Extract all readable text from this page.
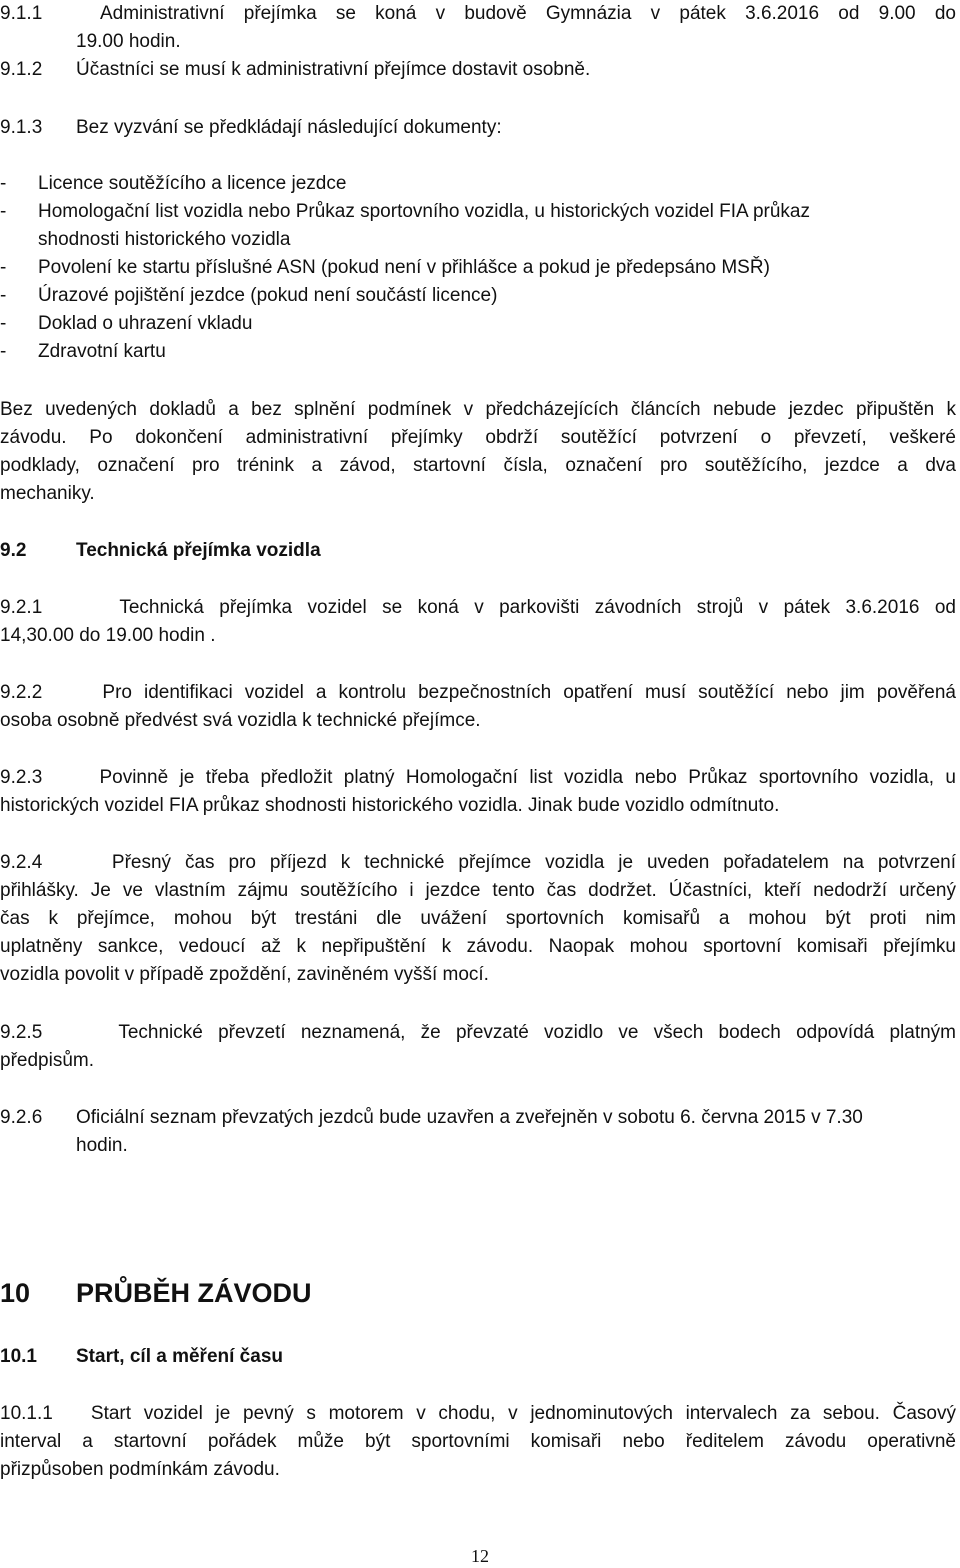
9.1.1	Administrativní přejímka se koná v budově Gymnázia v pátek 3.6.2016 od 9.00 do
19.00 hodin.
9.1.2 Účastníci se musí k administrativní přejímce dostavit osobně.
9.1.3 Bez vyzvání se předkládají následující dokumenty:
- Licence soutěžícího a licence jezdce
- Homologační list vozidla nebo Průkaz sportovního vozidla, u historických vozidel FIA průkaz
shodnosti historického vozidla
- Povolení ke startu příslušné ASN (pokud není v přihlášce a pokud je předepsáno MSŘ)
- Úrazové pojištění jezdce (pokud není součástí licence)
- Doklad o uhrazení vkladu
- Zdravotní kartu
Bez uvedených dokladů a bez splnění podmínek v předcházejících článcích nebude jezdec připuštěn k
závodu. Po dokončení administrativní přejímky obdrží soutěžící potvrzení o převzetí, veškeré
podklady, označení pro trénink a závod, startovní čísla, označení pro soutěžícího, jezdce a dva
mechaniky.
9.2	Technická přejímka vozidla
9.2.1	Technická přejímka vozidel se koná v parkovišti závodních strojů v pátek 3.6.2016 od
14,30.00 do 19.00 hodin .
9.2.2	Pro identifikaci vozidel a kontrolu bezpečnostních opatření musí soutěžící nebo jim pověřená
osoba osobně předvést svá vozidla k technické přejímce.
9.2.3	Povinně je třeba předložit platný Homologační list vozidla nebo Průkaz sportovního vozidla, u
historických vozidel FIA průkaz shodnosti historického vozidla. Jinak bude vozidlo odmítnuto.
9.2.4	Přesný čas pro příjezd k technické přejímce vozidla je uveden pořadatelem na potvrzení
přihlášky. Je ve vlastním zájmu soutěžícího i jezdce tento čas dodržet. Účastníci, kteří nedodrží určený
čas k přejímce, mohou být trestáni dle uvážení sportovních komisařů a mohou být proti nim
uplatněny sankce, vedoucí až k nepřipuštění k závodu. Naopak mohou sportovní komisaři přejímku
vozidla povolit v případě zpoždění, zaviněném vyšší mocí.
9.2.5	Technické převzetí neznamená, že převzaté vozidlo ve všech bodech odpovídá platným
předpisům.
9.2.6 Oficiální seznam převzatých jezdců bude uzavřen a zveřejněn v sobotu 6. června 2015 v 7.30
hodin.
10 PRŮBĚH ZÁVODU
10.1 Start, cíl a měření času
10.1.1 Start vozidel je pevný s motorem v chodu, v jednominutových intervalech za sebou. Časový
interval a startovní pořádek může být sportovními komisaři nebo ředitelem závodu operativně
přizpůsoben podmínkám závodu.
12
